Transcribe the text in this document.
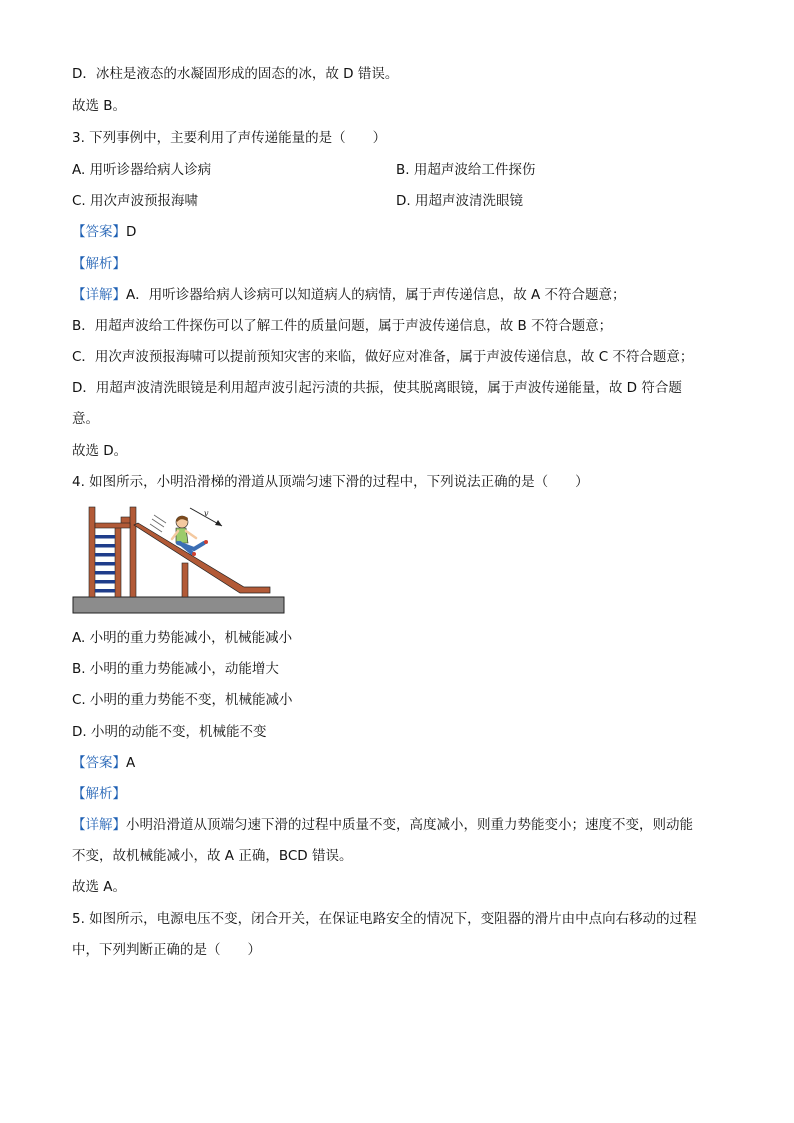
D．冰柱是液态的水凝固形成的固态的冰，故 D 错误。
故选 B。
3. 下列事例中，主要利用了声传递能量的是（　　）
A. 用听诊器给病人诊病	B. 用超声波给工件探伤
C. 用次声波预报海啸	D. 用超声波清洗眼镜
【答案】D
【解析】
【详解】A．用听诊器给病人诊病可以知道病人的病情，属于声传递信息，故 A 不符合题意；
B．用超声波给工件探伤可以了解工件的质量问题，属于声波传递信息，故 B 不符合题意；
C．用次声波预报海啸可以提前预知灾害的来临，做好应对准备，属于声波传递信息，故 C 不符合题意；
D．用超声波清洗眼镜是利用超声波引起污渍的共振，使其脱离眼镜，属于声波传递能量，故 D 符合题
意。
故选 D。
4. 如图所示，小明沿滑梯的滑道从顶端匀速下滑的过程中，下列说法正确的是（　　）
v
A. 小明的重力势能减小，机械能减小
B. 小明的重力势能减小，动能增大
C. 小明的重力势能不变，机械能减小
D. 小明的动能不变，机械能不变
【答案】A
【解析】
【详解】小明沿滑道从顶端匀速下滑的过程中质量不变，高度减小，则重力势能变小；速度不变，则动能
不变，故机械能减小，故 A 正确，BCD 错误。
故选 A。
5. 如图所示，电源电压不变，闭合开关，在保证电路安全的情况下，变阻器的滑片由中点向右移动的过程
中，下列判断正确的是（　　）
